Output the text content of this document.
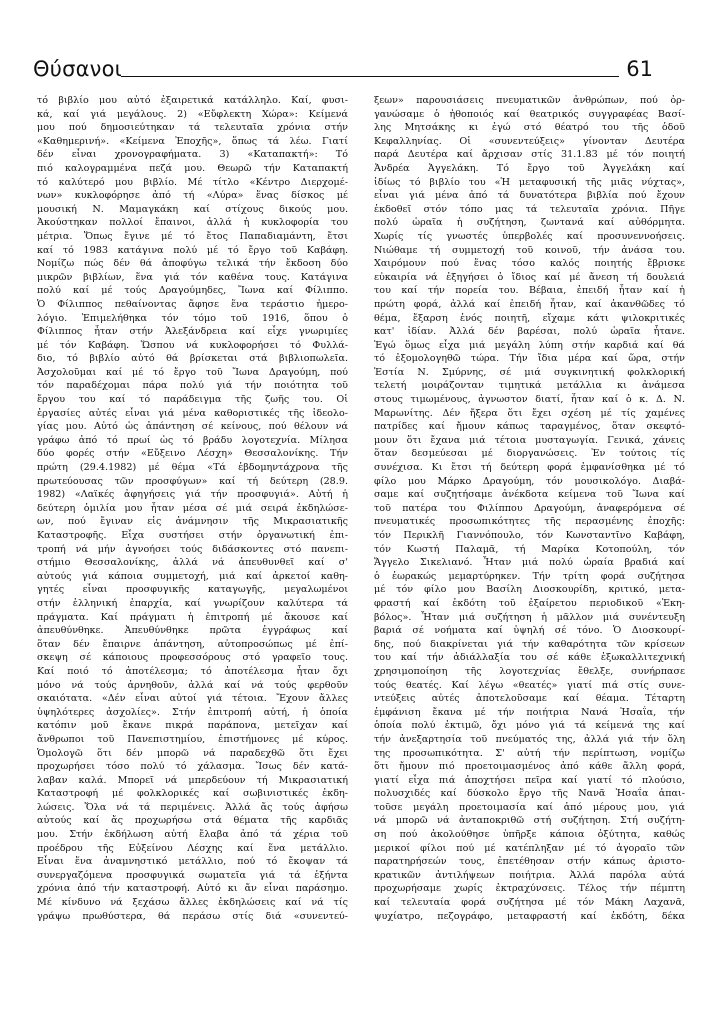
Θύσανοι	61
τό βιβλίο μου αὐτό ἐξαιρετικά κατάλληλο. Καί, φυσι-
κά, καί γιά μεγάλους. 2) «Εὔφλεκτη Χώρα»: Κείμενά
μου πού δημοσιεύτηκαν τά τελευταῖα χρόνια στήν
«Καθημερινή». «Κείμενα Ἐποχῆς», ὅπως τά λέω. Γιατί
δέν εἶναι χρονογραφήματα. 3) «Καταπακτή»: Τό
πιό καλογραμμένα πεζά μου. Θεωρῶ τήν Καταπακτή
τό καλύτερό μου βιβλίο. Μέ τίτλο «Κέντρο Διερχομέ-
νων» κυκλοφόρησε ἀπό τή «Λύρα» ἕνας δίσκος μέ
μουσική Ν. Μαμαγκάκη καί στίχους δικούς μου.
Ἀκούστηκαν πολλοί ἔπαινοι, ἀλλά ἡ κυκλοφορία του
μέτρια. Ὅπως ἔγινε μέ τό ἔτος Παπαδιαμάντη, ἔτσι
καί τό 1983 κατάγινα πολύ μέ τό ἔργο τοῦ Καβάφη.
Νομίζω πώς δέν θά ἀποφύγω τελικά τήν ἔκδοση δύο
μικρῶν βιβλίων, ἕνα γιά τόν καθένα τους. Κατάγινα
πολύ καί μέ τούς Δραγούμηδες, Ἴωνα καί Φίλιππο.
Ὁ Φίλιππος πεθαίνοντας ἄφησε ἕνα τεράστιο ἡμερο-
λόγιο. Ἐπιμελήθηκα τόν τόμο τοῦ 1916, ὅπου ὁ
Φίλιππος ἦταν στήν Ἀλεξάνδρεια καί εἶχε γνωριμίες
μέ τόν Καβάφη. Ὥσπου νά κυκλοφορήσει τό Φυλλά-
διο, τό βιβλίο αὐτό θά βρίσκεται στά βιβλιοπωλεῖα.
Ἀσχολοῦμαι καί μέ τό ἔργο τοῦ Ἴωνα Δραγούμη, πού
τόν παραδέχομαι πάρα πολύ γιά τήν ποιότητα τοῦ
ἔργου του καί τό παράδειγμα τῆς ζωῆς του. Οἱ
ἐργασίες αὐτές εἶναι γιά μένα καθοριστικές τῆς ἰδεολο-
γίας μου. Αὐτό ὡς ἀπάντηση σέ κείνους, πού θέλουν νά
γράφω ἀπό τό πρωί ὡς τό βράδυ λογοτεχνία. Μίλησα
δύο φορές στήν «Εὔξεινο Λέσχη» Θεσσαλονίκης. Τήν
πρώτη (29.4.1982) μέ θέμα «Τά ἑβδομηντάχρονα τῆς
πρωτεύουσας τῶν προσφύγων» καί τή δεύτερη (28.9.
1982) «Λαϊκές ἀφηγήσεις γιά τήν προσφυγιά». Αὐτή ἡ
δεύτερη ὁμιλία μου ἦταν μέσα σέ μιά σειρά ἐκδηλώσε-
ων, πού ἔγιναν εἰς ἀνάμνησιν τῆς Μικρασιατικῆς
Καταστροφῆς. Εἶχα συστήσει στήν ὀργανωτική ἐπι-
τροπή νά μήν ἀγνοήσει τούς διδάσκοντες στό πανεπι-
στήμιο Θεσσαλονίκης, ἀλλά νά ἀπευθυνθεῖ καί σ'
αὐτούς γιά κάποια συμμετοχή, μιά καί ἀρκετοί καθη-
γητές εἶναι προσφυγικῆς καταγωγῆς, μεγαλωμένοι
στήν ἑλληνική ἐπαρχία, καί γνωρίζουν καλύτερα τά
πράγματα. Καί πράγματι ἡ ἐπιτροπή μέ ἄκουσε καί
ἀπευθύνθηκε. Ἀπευθύνθηκε πρῶτα ἐγγράφως καί
ὅταν δέν ἔπαιρνε ἀπάντηση, αὐτοπροσώπως μέ ἐπί-
σκεψη σέ κάποιους προφεσσόρους στό γραφεῖο τους.
Καί ποιό τό ἀποτέλεσμα; τό ἀποτέλεσμα ἦταν ὄχι
μόνο νά τούς ἀρνηθοῦν, ἀλλά καί νά τούς φερθοῦν
σκαιότατα. «Δέν εἶναι αὐτοί γιά τέτοια. Ἔχουν ἄλλες
ὑψηλότερες ἀσχολίες». Στήν ἐπιτροπή αὐτή, ἡ ὁποία
κατόπιν μοῦ ἔκανε πικρά παράπονα, μετεῖχαν καί
ἄνθρωποι τοῦ Πανεπιστημίου, ἐπιστήμονες μέ κύρος.
Ὁμολογῶ ὅτι δέν μπορῶ νά παραδεχθῶ ὅτι ἔχει
προχωρήσει τόσο πολύ τό χάλασμα. Ἴσως δέν κατά-
λαβαν καλά. Μπορεῖ νά μπερδεύουν τή Μικρασιατική
Καταστροφή μέ φολκλορικές καί σωβινιστικές ἐκδη-
λώσεις. Ὅλα νά τά περιμένεις. Ἀλλά ἄς τούς ἀφήσω
αὐτούς καί ἄς προχωρήσω στά θέματα τῆς καρδιᾶς
μου. Στήν ἐκδήλωση αὐτή ἔλαβα ἀπό τά χέρια τοῦ
προέδρου τῆς Εὐξείνου Λέσχης καί ἕνα μετάλλιο.
Εἶναι ἕνα ἀναμνηστικό μετάλλιο, πού τό ἔκοψαν τά
συνεργαζόμενα προσφυγικά σωματεῖα γιά τά ἑξήντα
χρόνια ἀπό τήν καταστροφή. Αὐτό κι ἄν εἶναι παράσημο.
Μέ κίνδυνο νά ξεχάσω ἄλλες ἐκδηλώσεις καί νά τίς
γράψω πρωθύστερα, θά περάσω στίς διά «συνεντεύ-
ξεων» παρουσιάσεις πνευματικῶν ἀνθρώπων, πού ὀρ-
γανώσαμε ὁ ἠθοποιός καί θεατρικός συγγραφέας Βασί-
λης Μητσάκης κι ἐγώ στό θέατρό του τῆς ὁδοῦ
Κεφαλληνίας. Οἱ «συνεντεύξεις» γίνονταν Δευτέρα
παρά Δευτέρα καί ἄρχισαν στίς 31.1.83 μέ τόν ποιητή
Ἀνδρέα Ἀγγελάκη. Τό ἔργο τοῦ Ἀγγελάκη καί
ἰδίως τό βιβλίο του «Ἡ μεταφυσική τῆς μιᾶς νύχτας»,
εἶναι γιά μένα ἀπό τά δυνατότερα βιβλία πού ἔχουν
ἐκδοθεῖ στόν τόπο μας τά τελευταῖα χρόνια. Πῆγε
πολύ ὡραῖα ἡ συζήτηση, ζωντανά καί αὐθόρμητα.
Χωρίς τίς γνωστές ὑπερβολές καί προσυνεννοήσεις.
Νιώθαμε τή συμμετοχή τοῦ κοινοῦ, τήν ἀνάσα του.
Χαιρόμουν πού ἕνας τόσο καλός ποιητής ἔβρισκε
εὐκαιρία νά ἐξηγήσει ὁ ἴδιος καί μέ ἄνεση τή δουλειά
του καί τήν πορεία του. Βέβαια, ἐπειδή ἦταν καί ἡ
πρώτη φορά, ἀλλά καί ἐπειδή ἦταν, καί ἀκανθῶδες τό
θέμα, ἔξαρση ἑνός ποιητῆ, εἴχαμε κάτι ψιλοκριτικές
κατ' ἰδίαν. Ἀλλά δέν βαρέσαι, πολύ ὡραῖα ἦτανε.
Ἐγώ ὅμως εἶχα μιά μεγάλη λύπη στήν καρδιά καί θά
τό ἐξομολογηθῶ τώρα. Τήν ἴδια μέρα καί ὥρα, στήν
Ἑστία Ν. Σμύρνης, σέ μιά συγκινητική φολκλορική
τελετή μοιράζονταν τιμητικά μετάλλια κι ἀνάμεσα
στους τιμωμένους, ἀγνωστον διατί, ἦταν καί ὁ κ. Δ. Ν.
Μαρωνίτης. Δέν ἤξερα ὅτι ἔχει σχέση μέ τίς χαμένες
πατρίδες καί ἤμουν κάπως ταραγμένος, ὅταν σκεφτό-
μουν ὅτι ἔχανα μιά τέτοια μυσταγωγία. Γενικά, χάνεις
ὅταν δεσμεύεσαι μέ διοργανώσεις. Ἐν τούτοις τίς
συνέχισα. Κι ἔτσι τή δεύτερη φορά ἐμφανίσθηκα μέ τό
φίλο μου Μάρκο Δραγούμη, τόν μουσικολόγο. Διαβά-
σαμε καί συζητήσαμε ἀνέκδοτα κείμενα τοῦ Ἴωνα καί
τοῦ πατέρα του Φιλίππου Δραγούμη, ἀναφερόμενα σέ
πνευματικές προσωπικότητες τῆς περασμένης ἐποχῆς:
τόν Περικλῆ Γιαννόπουλο, τόν Κωνσταντῖνο Καβάφη,
τόν Κωστή Παλαμᾶ, τή Μαρίκα Κοτοπούλη, τόν
Ἄγγελο Σικελιανό. Ἦταν μιά πολύ ὡραία βραδιά καί
ὁ ἐωρακώς μεμαρτύρηκεν. Τήν τρίτη φορά συζήτησα
μέ τόν φίλο μου Βασίλη Διοσκουρίδη, κριτικό, μετα-
φραστή καί ἐκδότη τοῦ ἐξαίρετου περιοδικοῦ «Ἐκη-
βόλος». Ἦταν μιά συζήτηση ἡ μᾶλλον μιά συνέντευξη
βαριά σέ νοήματα καί ὑψηλή σέ τόνο. Ὁ Διοσκουρί-
δης, πού διακρίνεται γιά τήν καθαρότητα τῶν κρίσεων
του καί τήν ἀδιάλλαξία του σέ κάθε ἐξωκαλλιτεχνική
χρησιμοποίηση τῆς λογοτεχνίας ἔθελξε, συνήρπασε
τούς θεατές. Καί λέγω «θεατές» γιατί πιά στίς συνε-
ντεύξεις αὐτές ἀποτελοῦσαμε καί θέαμα. Τέταρτη
ἐμφάνιση ἔκανα μέ τήν ποιήτρια Νανά Ἠσαΐα, τήν
ὁποία πολύ ἐκτιμῶ, ὄχι μόνο γιά τά κείμενά της καί
τήν ἀνεξαρτησία τοῦ πνεύματός της, ἀλλά γιά τήν ὅλη
της προσωπικότητα. Σ' αὐτή τήν περίπτωση, νομίζω
ὅτι ἤμουν πιό προετοιμασμένος ἀπό κάθε ἄλλη φορά,
γιατί εἶχα πιά ἀποχτήσει πεῖρα καί γιατί τό πλούσιο,
πολυσχιδές καί δύσκολο ἔργο τῆς Νανᾶ Ἠσαΐα ἀπαι-
τοῦσε μεγάλη προετοιμασία καί ἀπό μέρους μου, γιά
νά μπορῶ νά ἀνταποκριθῶ στή συζήτηση. Στή συζήτη-
ση πού ἀκολούθησε ὑπῆρξε κάποια ὀξύτητα, καθώς
μερικοί φίλοι πού μέ κατέπληξαν μέ τό ἀγοραῖο τῶν
παρατηρήσεών τους, ἐπετέθησαν στήν κάπως ἀριστο-
κρατικῶν ἀντιλήψεων ποιήτρια. Ἀλλά παρόλα αὐτά
προχωρήσαμε χωρίς ἐκτραχύνσεις. Τέλος τήν πέμπτη
καί τελευταία φορά συζήτησα μέ τόν Μάκη Λαχανᾶ,
ψυχίατρο, πεζογράφο, μεταφραστή καί ἐκδότη, δέκα
